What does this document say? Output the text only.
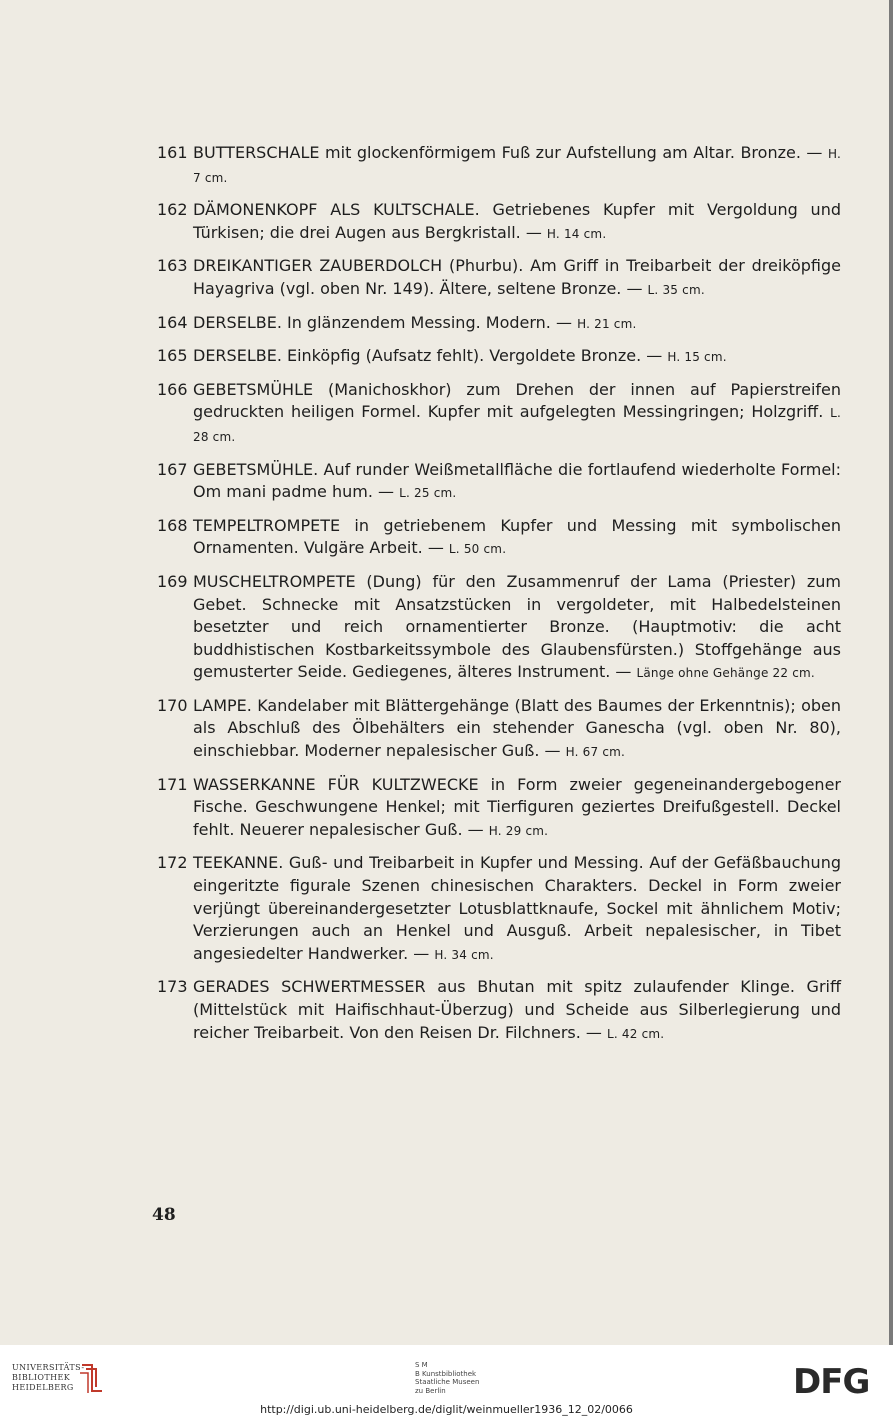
161 BUTTERSCHALE mit glockenförmigem Fuß zur Aufstellung am Altar. Bronze. — H. 7 cm.
162 DÄMONENKOPF ALS KULTSCHALE. Getriebenes Kupfer mit Vergoldung und Türkisen; die drei Augen aus Bergkristall. — H. 14 cm.
163 DREIKANTIGER ZAUBERDOLCH (Phurbu). Am Griff in Treibarbeit der dreiköpfige Hayagriva (vgl. oben Nr. 149). Ältere, seltene Bronze. — L. 35 cm.
164 DERSELBE. In glänzendem Messing. Modern. — H. 21 cm.
165 DERSELBE. Einköpfig (Aufsatz fehlt). Vergoldete Bronze. — H. 15 cm.
166 GEBETSMÜHLE (Manichoskhor) zum Drehen der innen auf Papierstreifen gedruckten heiligen Formel. Kupfer mit aufgelegten Messingringen; Holzgriff. L. 28 cm.
167 GEBETSMÜHLE. Auf runder Weißmetallfläche die fortlaufend wiederholte Formel: Om mani padme hum. — L. 25 cm.
168 TEMPELTROMPETE in getriebenem Kupfer und Messing mit symbolischen Ornamenten. Vulgäre Arbeit. — L. 50 cm.
169 MUSCHELTROMPETE (Dung) für den Zusammenruf der Lama (Priester) zum Gebet. Schnecke mit Ansatzstücken in vergoldeter, mit Halbedelsteinen besetzter und reich ornamentierter Bronze. (Hauptmotiv: die acht buddhistischen Kostbarkeitssymbole des Glaubensfürsten.) Stoffgehänge aus gemusterter Seide. Gediegenes, älteres Instrument. — Länge ohne Gehänge 22 cm.
170 LAMPE. Kandelaber mit Blättergehänge (Blatt des Baumes der Erkenntnis); oben als Abschluß des Ölbehälters ein stehender Ganescha (vgl. oben Nr. 80), einschiebbar. Moderner nepalesischer Guß. — H. 67 cm.
171 WASSERKANNE FÜR KULTZWECKE in Form zweier gegeneinandergebogener Fische. Geschwungene Henkel; mit Tierfiguren geziertes Dreifußgestell. Deckel fehlt. Neuerer nepalesischer Guß. — H. 29 cm.
172 TEEKANNE. Guß- und Treibarbeit in Kupfer und Messing. Auf der Gefäßbauchung eingeritzte figurale Szenen chinesischen Charakters. Deckel in Form zweier verjüngt übereinandergesetzter Lotusblattknaufe, Sockel mit ähnlichem Motiv; Verzierungen auch an Henkel und Ausguß. Arbeit nepalesischer, in Tibet angesiedelter Handwerker. — H. 34 cm.
173 GERADES SCHWERTMESSER aus Bhutan mit spitz zulaufender Klinge. Griff (Mittelstück mit Haifischhaut-Überzug) und Scheide aus Silberlegierung und reicher Treibarbeit. Von den Reisen Dr. Filchners. — L. 42 cm.
48
UNIVERSITÄTS-
BIBLIOTHEK
HEIDELBERG
S M
B Kunstbibliothek
Staatliche Museen
zu Berlin	DFG
http://digi.ub.uni-heidelberg.de/diglit/weinmueller1936_12_02/0066
